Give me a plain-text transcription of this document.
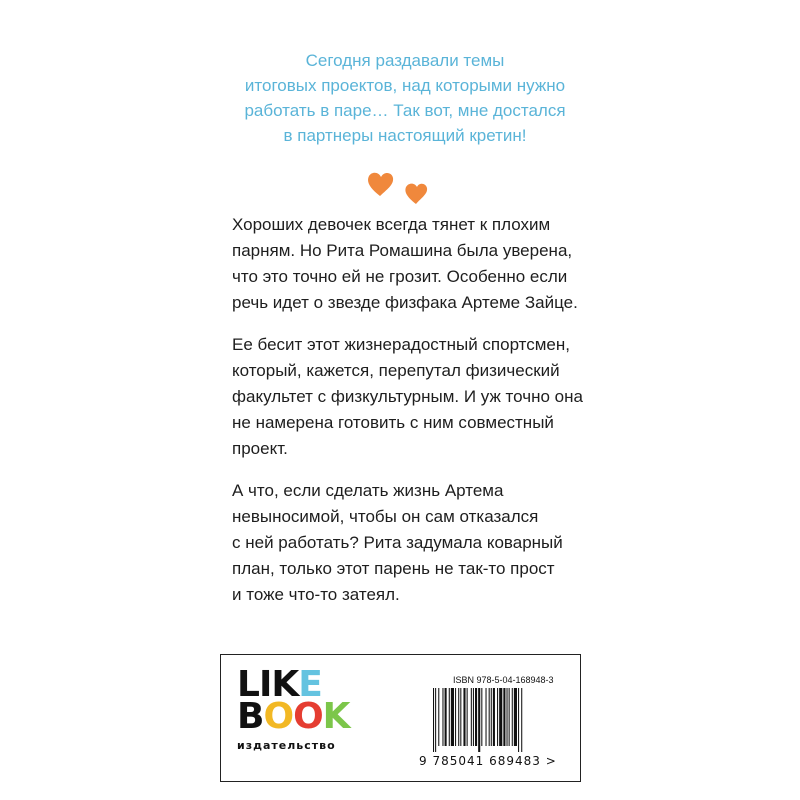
Сегодня раздавали темы
итоговых проектов, над которыми нужно
работать в паре… Так вот, мне достался
в партнеры настоящий кретин!
Хороших девочек всегда тянет к плохим
парням. Но Рита Ромашина была уверена,
что это точно ей не грозит. Особенно если
речь идет о звезде физфака Артеме Зайце.
Ее бесит этот жизнерадостный спортсмен,
который, кажется, перепутал физический
факультет с физкультурным. И уж точно она
не намерена готовить с ним совместный
проект.
А что, если сделать жизнь Артема
невыносимой, чтобы он сам отказался
с ней работать? Рита задумала коварный
план, только этот парень не так-то прост
и тоже что-то затеял.
L I K E
B O O K
издательство
ISBN 978-5-04-168948-3
9 785041 689483 >
